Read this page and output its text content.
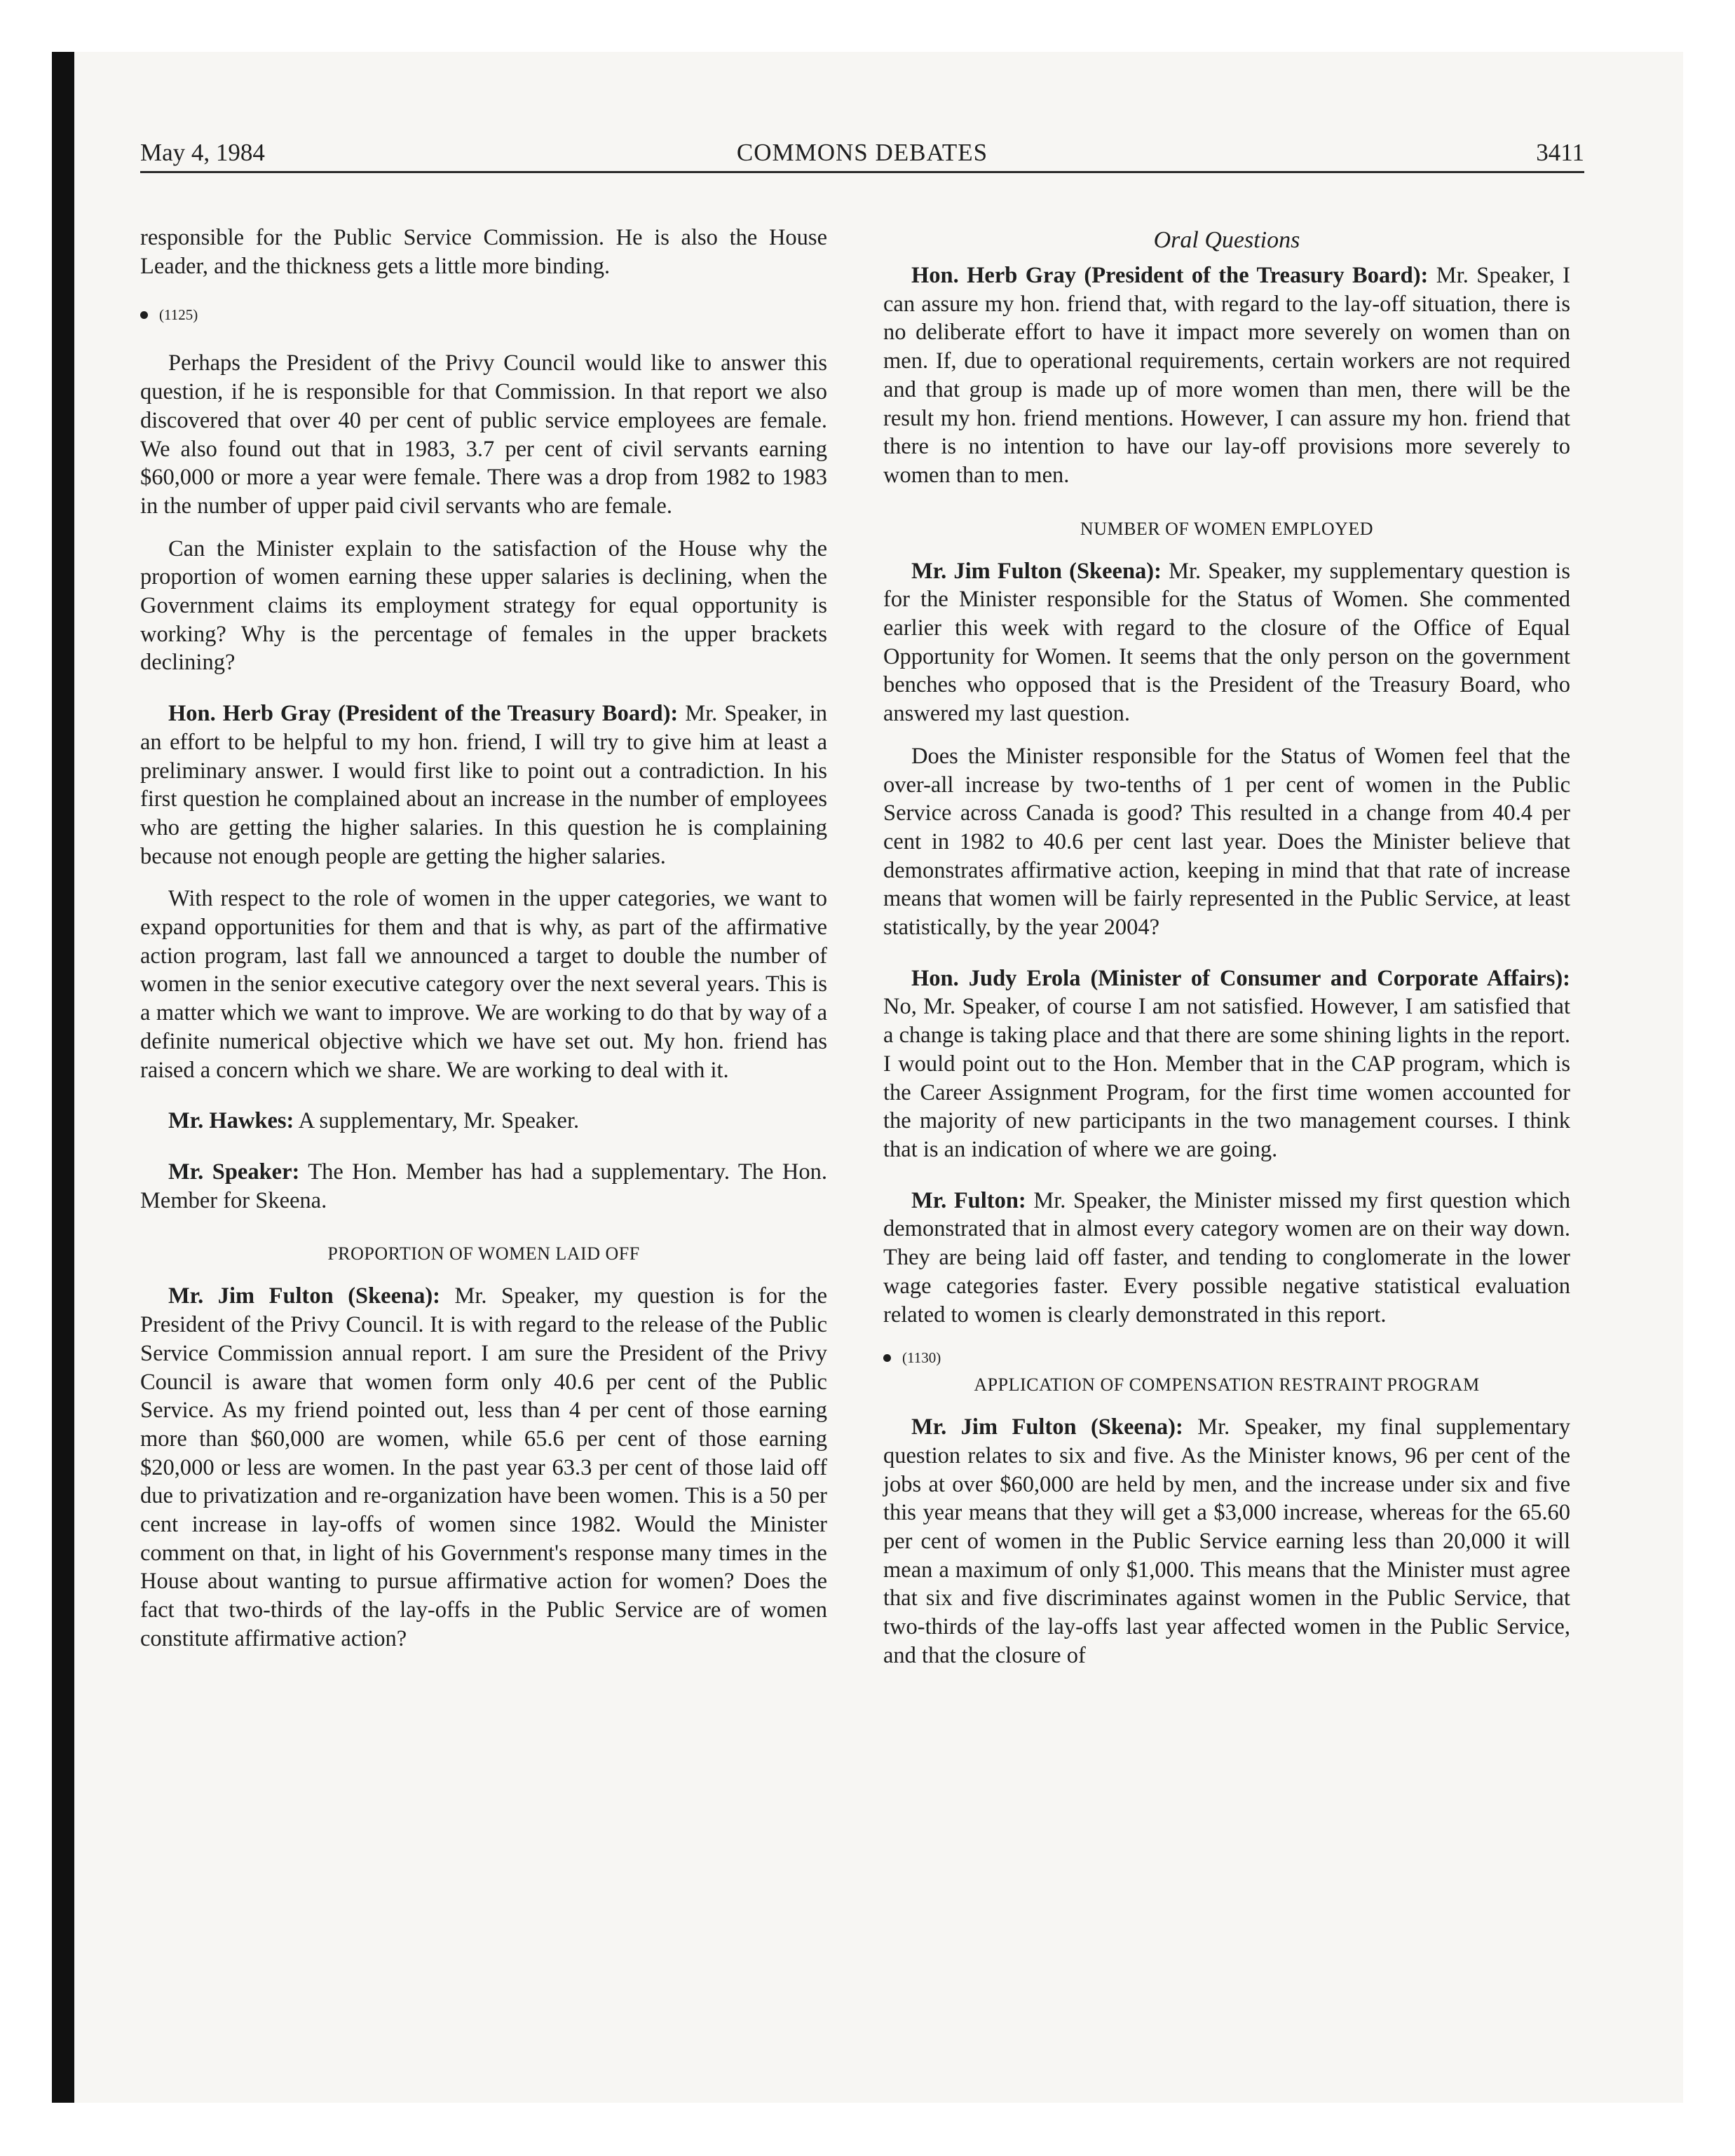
May 4, 1984	COMMONS DEBATES	3411

responsible for the Public Service Commission. He is also the House Leader, and the thickness gets a little more binding.

(1125)

Perhaps the President of the Privy Council would like to answer this question, if he is responsible for that Commission. In that report we also discovered that over 40 per cent of public service employees are female. We also found out that in 1983, 3.7 per cent of civil servants earning $60,000 or more a year were female. There was a drop from 1982 to 1983 in the number of upper paid civil servants who are female.

Can the Minister explain to the satisfaction of the House why the proportion of women earning these upper salaries is declining, when the Government claims its employment strategy for equal opportunity is working? Why is the percentage of females in the upper brackets declining?

Hon. Herb Gray (President of the Treasury Board): Mr. Speaker, in an effort to be helpful to my hon. friend, I will try to give him at least a preliminary answer. I would first like to point out a contradiction. In his first question he complained about an increase in the number of employees who are getting the higher salaries. In this question he is complaining because not enough people are getting the higher salaries.

With respect to the role of women in the upper categories, we want to expand opportunities for them and that is why, as part of the affirmative action program, last fall we announced a target to double the number of women in the senior executive category over the next several years. This is a matter which we want to improve. We are working to do that by way of a definite numerical objective which we have set out. My hon. friend has raised a concern which we share. We are working to deal with it.

Mr. Hawkes: A supplementary, Mr. Speaker.

Mr. Speaker: The Hon. Member has had a supplementary. The Hon. Member for Skeena.

PROPORTION OF WOMEN LAID OFF

Mr. Jim Fulton (Skeena): Mr. Speaker, my question is for the President of the Privy Council. It is with regard to the release of the Public Service Commission annual report. I am sure the President of the Privy Council is aware that women form only 40.6 per cent of the Public Service. As my friend pointed out, less than 4 per cent of those earning more than $60,000 are women, while 65.6 per cent of those earning $20,000 or less are women. In the past year 63.3 per cent of those laid off due to privatization and re-organization have been women. This is a 50 per cent increase in lay-offs of women since 1982. Would the Minister comment on that, in light of his Government's response many times in the House about wanting to pursue affirmative action for women? Does the fact that two-thirds of the lay-offs in the Public Service are of women constitute affirmative action?

Oral Questions

Hon. Herb Gray (President of the Treasury Board): Mr. Speaker, I can assure my hon. friend that, with regard to the lay-off situation, there is no deliberate effort to have it impact more severely on women than on men. If, due to operational requirements, certain workers are not required and that group is made up of more women than men, there will be the result my hon. friend mentions. However, I can assure my hon. friend that there is no intention to have our lay-off provisions more severely to women than to men.

NUMBER OF WOMEN EMPLOYED

Mr. Jim Fulton (Skeena): Mr. Speaker, my supplementary question is for the Minister responsible for the Status of Women. She commented earlier this week with regard to the closure of the Office of Equal Opportunity for Women. It seems that the only person on the government benches who opposed that is the President of the Treasury Board, who answered my last question.

Does the Minister responsible for the Status of Women feel that the over-all increase by two-tenths of 1 per cent of women in the Public Service across Canada is good? This resulted in a change from 40.4 per cent in 1982 to 40.6 per cent last year. Does the Minister believe that demonstrates affirmative action, keeping in mind that that rate of increase means that women will be fairly represented in the Public Service, at least statistically, by the year 2004?

Hon. Judy Erola (Minister of Consumer and Corporate Affairs): No, Mr. Speaker, of course I am not satisfied. However, I am satisfied that a change is taking place and that there are some shining lights in the report. I would point out to the Hon. Member that in the CAP program, which is the Career Assignment Program, for the first time women accounted for the majority of new participants in the two management courses. I think that is an indication of where we are going.

Mr. Fulton: Mr. Speaker, the Minister missed my first question which demonstrated that in almost every category women are on their way down. They are being laid off faster, and tending to conglomerate in the lower wage categories faster. Every possible negative statistical evaluation related to women is clearly demonstrated in this report.

(1130)
APPLICATION OF COMPENSATION RESTRAINT PROGRAM

Mr. Jim Fulton (Skeena): Mr. Speaker, my final supplementary question relates to six and five. As the Minister knows, 96 per cent of the jobs at over $60,000 are held by men, and the increase under six and five this year means that they will get a $3,000 increase, whereas for the 65.60 per cent of women in the Public Service earning less than 20,000 it will mean a maximum of only $1,000. This means that the Minister must agree that six and five discriminates against women in the Public Service, that two-thirds of the lay-offs last year affected women in the Public Service, and that the closure of
